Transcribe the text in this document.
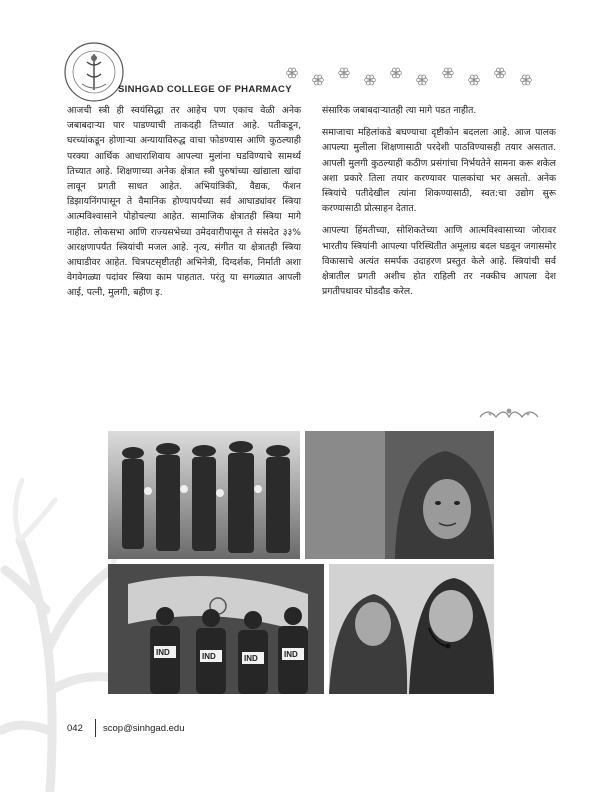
SINHGAD COLLEGE OF PHARMACY

आजची स्त्री ही स्वयंसिद्धा तर आहेच पण एकाच वेळी अनेक जबाबदाऱ्या पार पाडण्याची ताकदही तिच्यात आहे. पतीकडून, घरच्यांकडून होणाऱ्या अन्यायाविरुद्ध वाचा फोडण्यास आणि कुठल्याही परक्या आर्थिक आधाराशिवाय आपल्या मुलांना घडविण्याचे सामर्थ्य तिच्यात आहे. शिक्षणाच्या अनेक क्षेत्रात स्त्री पुरुषांच्या खांद्याला खांदा लावून प्रगती साधत आहेत. अभियांत्रिकी, वैद्यक, फॅशन डिझायनिंगपासून ते वैमानिक होण्यापर्यंच्या सर्व आघाड्यांवर स्त्रिया आत्मविश्वासाने पोहोचल्या आहेत. सामाजिक क्षेत्रातही स्त्रिया मागे नाहीत. लोकसभा आणि राज्यसभेच्या उमेदवारीपासून ते संसदेत ३३% आरक्षणापर्यंत स्त्रियांची मजल आहे. नृत्य, संगीत या क्षेत्रातही स्त्रिया आघाडीवर आहेत. चित्रपटसृष्टीतही अभिनेत्री, दिग्दर्शक, निर्माती अशा वेगवेगळ्या पदांवर स्त्रिया काम पाहतात. परंतु या सगळ्यात आपली आई, पत्नी, मुलगी, बहीण इ.

संसारिक जबाबदाऱ्यातही त्या मागे पडत नाहीत.

समाजाचा महिलांकडे बघण्याचा दृष्टीकोन बदलला आहे. आज पालक आपल्या मुलीला शिक्षणासाठी परदेशी पाठविण्यासही तयार असतात. आपली मुलगी कुठल्याही कठीण प्रसंगांचा निर्भयतेने सामना करू शकेल अशा प्रकारे तिला तयार करण्यावर पालकांचा भर असतो. अनेक स्त्रियांचे पतीदेखील त्यांना शिकण्यासाठी, स्वत:चा उद्योग सुरू करण्यासाठी प्रोत्साहन देतात.

आपल्या हिंमतीच्या, सोशिकतेच्या आणि आत्मविश्वासाच्या जोरावर भारतीय स्त्रियांनी आपल्या परिस्थितीत अमूलाग्र बदल घडवून जगासमोर विकासाचे अत्यंत समर्पक उदाहरण प्रस्तुत केले आहे. स्त्रियांची सर्व क्षेत्रातील प्रगती अशीच होत राहिली तर नक्कीच आपला देश प्रगतीपथावर घोडदौड करेल.

IND	IND	IND	IND
042 scop@sinhgad.edu
